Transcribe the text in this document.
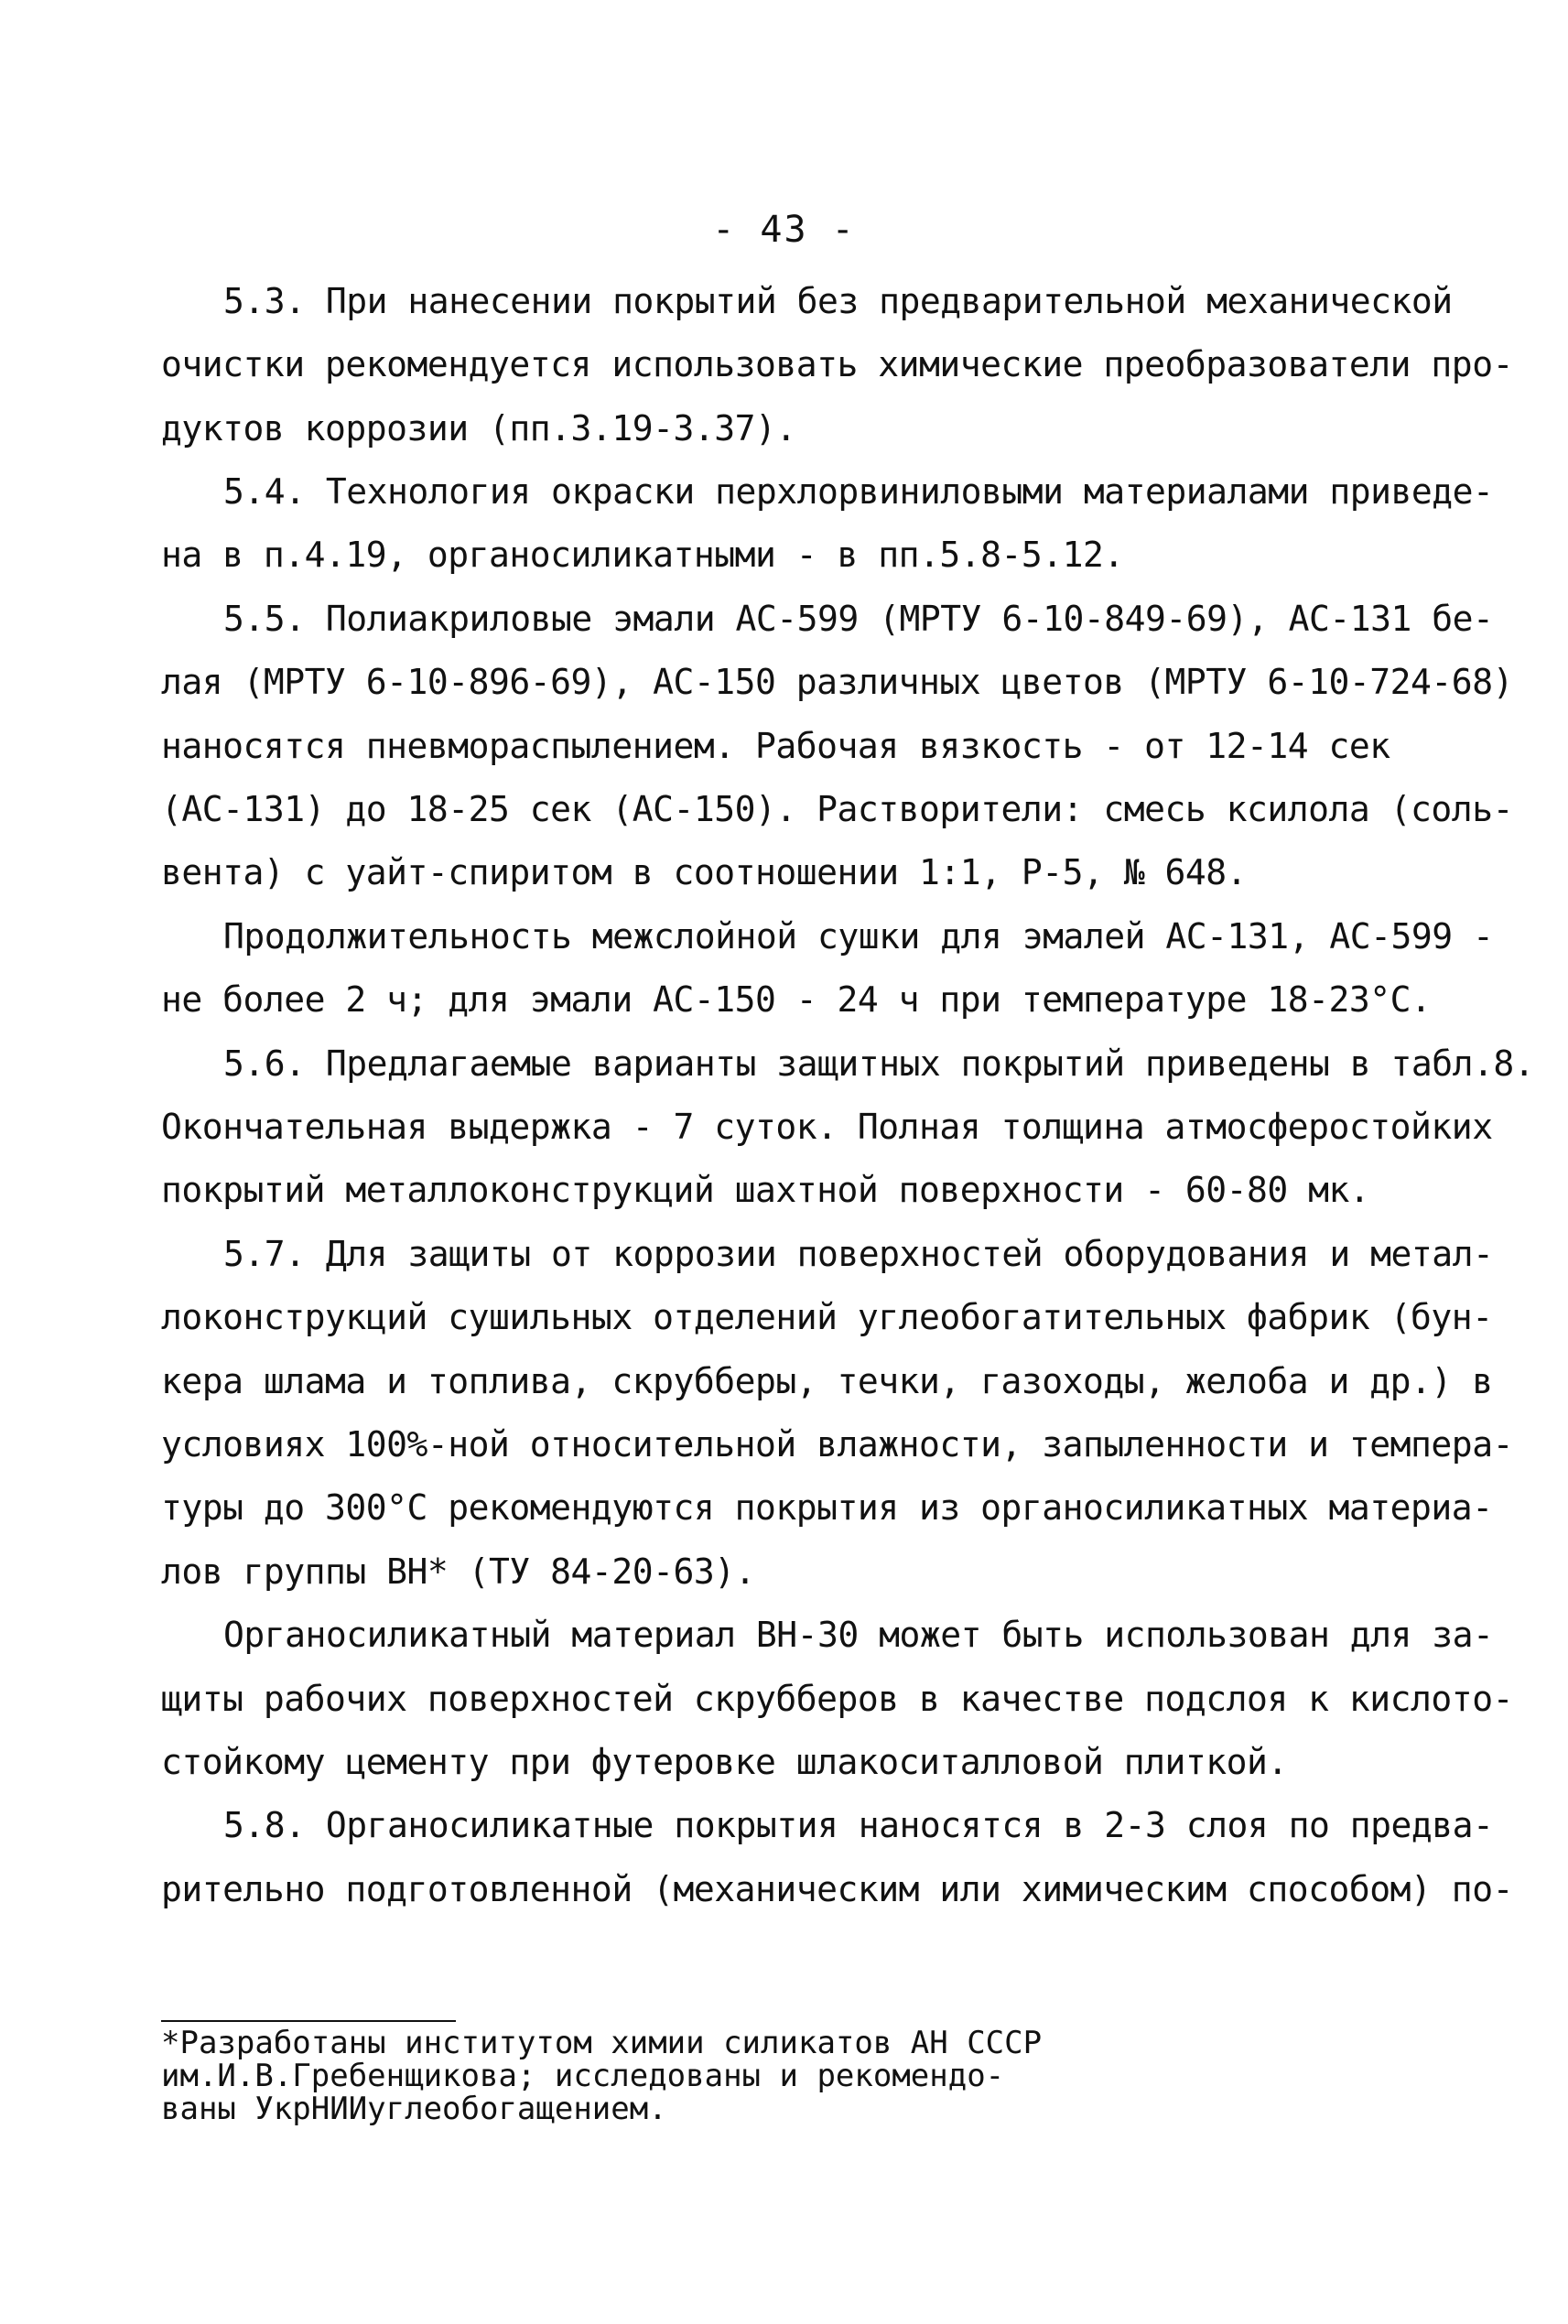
- 43 -
5.3. При нанесении покрытий без предварительной механической
очистки рекомендуется использовать химические преобразователи про-
дуктов коррозии (пп.3.19-3.37).
5.4. Технология окраски перхлорвиниловыми материалами приведе-
на в п.4.19, органосиликатными - в пп.5.8-5.12.
5.5. Полиакриловые эмали АС-599 (МРТУ 6-10-849-69), АС-131 бе-
лая (МРТУ 6-10-896-69), АС-150 различных цветов (МРТУ 6-10-724-68)
наносятся пневмораспылением. Рабочая вязкость - от 12-14 сек
(АС-131) до 18-25 сек (АС-150). Растворители: смесь ксилола (соль-
вента) с уайт-спиритом в соотношении 1:1, Р-5, № 648.
Продолжительность межслойной сушки для эмалей АС-131, АС-599 -
не более 2 ч; для эмали АС-150 - 24 ч при температуре 18-23°С.
5.6. Предлагаемые варианты защитных покрытий приведены в табл.8.
Окончательная выдержка - 7 суток. Полная толщина атмосферостойких
покрытий металлоконструкций шахтной поверхности - 60-80 мк.
5.7. Для защиты от коррозии поверхностей оборудования и метал-
локонструкций сушильных отделений углеобогатительных фабрик (бун-
кера шлама и топлива, скрубберы, течки, газоходы, желоба и др.) в
условиях 100%-ной относительной влажности, запыленности и темпера-
туры до 300°С рекомендуются покрытия из органосиликатных материа-
лов группы ВН* (ТУ 84-20-63).
Органосиликатный материал ВН-30 может быть использован для за-
щиты рабочих поверхностей скрубберов в качестве подслоя к кислото-
стойкому цементу при футеровке шлакоситалловой плиткой.
5.8. Органосиликатные покрытия наносятся в 2-3 слоя по предва-
рительно подготовленной (механическим или химическим способом) по-
*Разработаны институтом химии силикатов АН СССР
им.И.В.Гребенщикова; исследованы и рекомендо-
ваны УкрНИИуглеобогащением.
